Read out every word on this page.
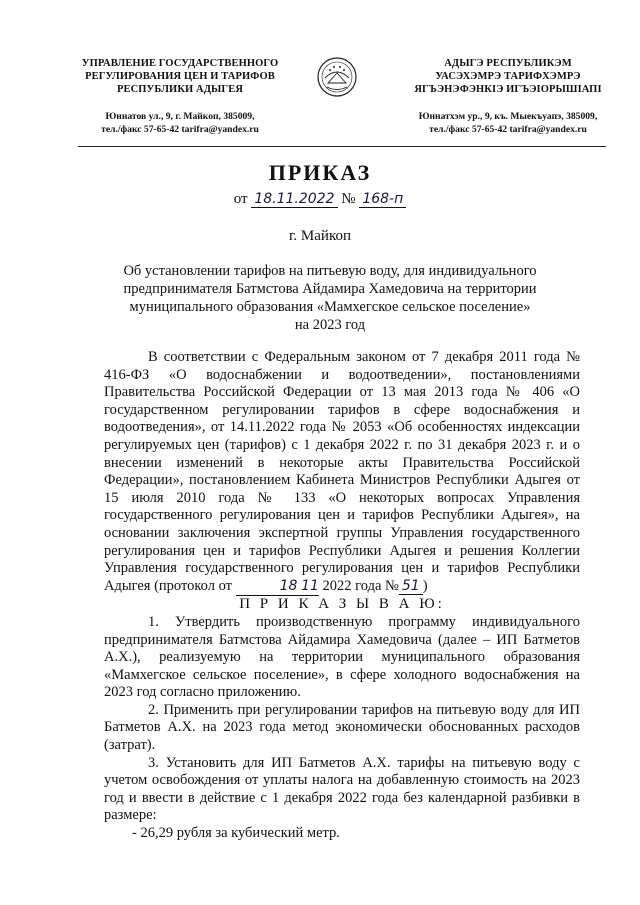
УПРАВЛЕНИЕ ГОСУДАРСТВЕННОГО
РЕГУЛИРОВАНИЯ ЦЕН И ТАРИФОВ
РЕСПУБЛИКИ АДЫГЕЯ
Юннатов ул., 9, г. Майкоп, 385009,
тел./факс 57-65-42 tarifra@yandex.ru
АДЫГЭ РЕСПУБЛИКЭМ
УАСЭХЭМРЭ ТАРИФХЭМРЭ
ЯГЪЭНЭФЭНКIЭ ИГЪЭIОРЫШIАПI
Юннатхэм ур., 9, къ. Мыекъуапэ, 385009,
тел./факс 57-65-42 tarifra@yandex.ru
ПРИКАЗ
от 18.11.2022 № 168-п
г. Майкоп
Об установлении тарифов на питьевую воду, для индивидуального
предпринимателя Батмстова Айдамира Хамедовича на территории
муниципального образования «Мамхегское сельское поселение»
на 2023 год

В соответствии с Федеральным законом от 7 декабря 2011 года № 416-ФЗ «О водоснабжении и водоотведении», постановлениями Правительства Российской Федерации от 13 мая 2013 года № 406 «О государственном регулировании тарифов в сфере водоснабжения и водоотведения», от 14.11.2022 года № 2053 «Об особенностях индексации регулируемых цен (тарифов) с 1 декабря 2022 г. по 31 декабря 2023 г. и о внесении изменений в некоторые акты Правительства Российской Федерации», постановлением Кабинета Министров Республики Адыгея от 15 июля 2010 года № 133 «О некоторых вопросах Управления государственного регулирования цен и тарифов Республики Адыгея», на основании заключения экспертной группы Управления государственного регулирования цен и тарифов Республики Адыгея и решения Коллегии Управления государственного регулирования цен и тарифов Республики Адыгея (протокол от	18 11 2022 года № 51 )

П Р И К А З Ы В А Ю:

1. Утвердить производственную программу индивидуального предпринимателя Батмстова Айдамира Хамедовича (далее – ИП Батметов А.Х.), реализуемую на территории муниципального образования «Мамхегское сельское поселение», в сфере холодного водоснабжения на 2023 год согласно приложению.

2. Применить при регулировании тарифов на питьевую воду для ИП Батметов А.Х. на 2023 года метод экономически обоснованных расходов (затрат).

3. Установить для ИП Батметов А.Х. тарифы на питьевую воду с учетом освобождения от уплаты налога на добавленную стоимость на 2023 год и ввести в действие с 1 декабря 2022 года без календарной разбивки в размере:

- 26,29 рубля за кубический метр.
